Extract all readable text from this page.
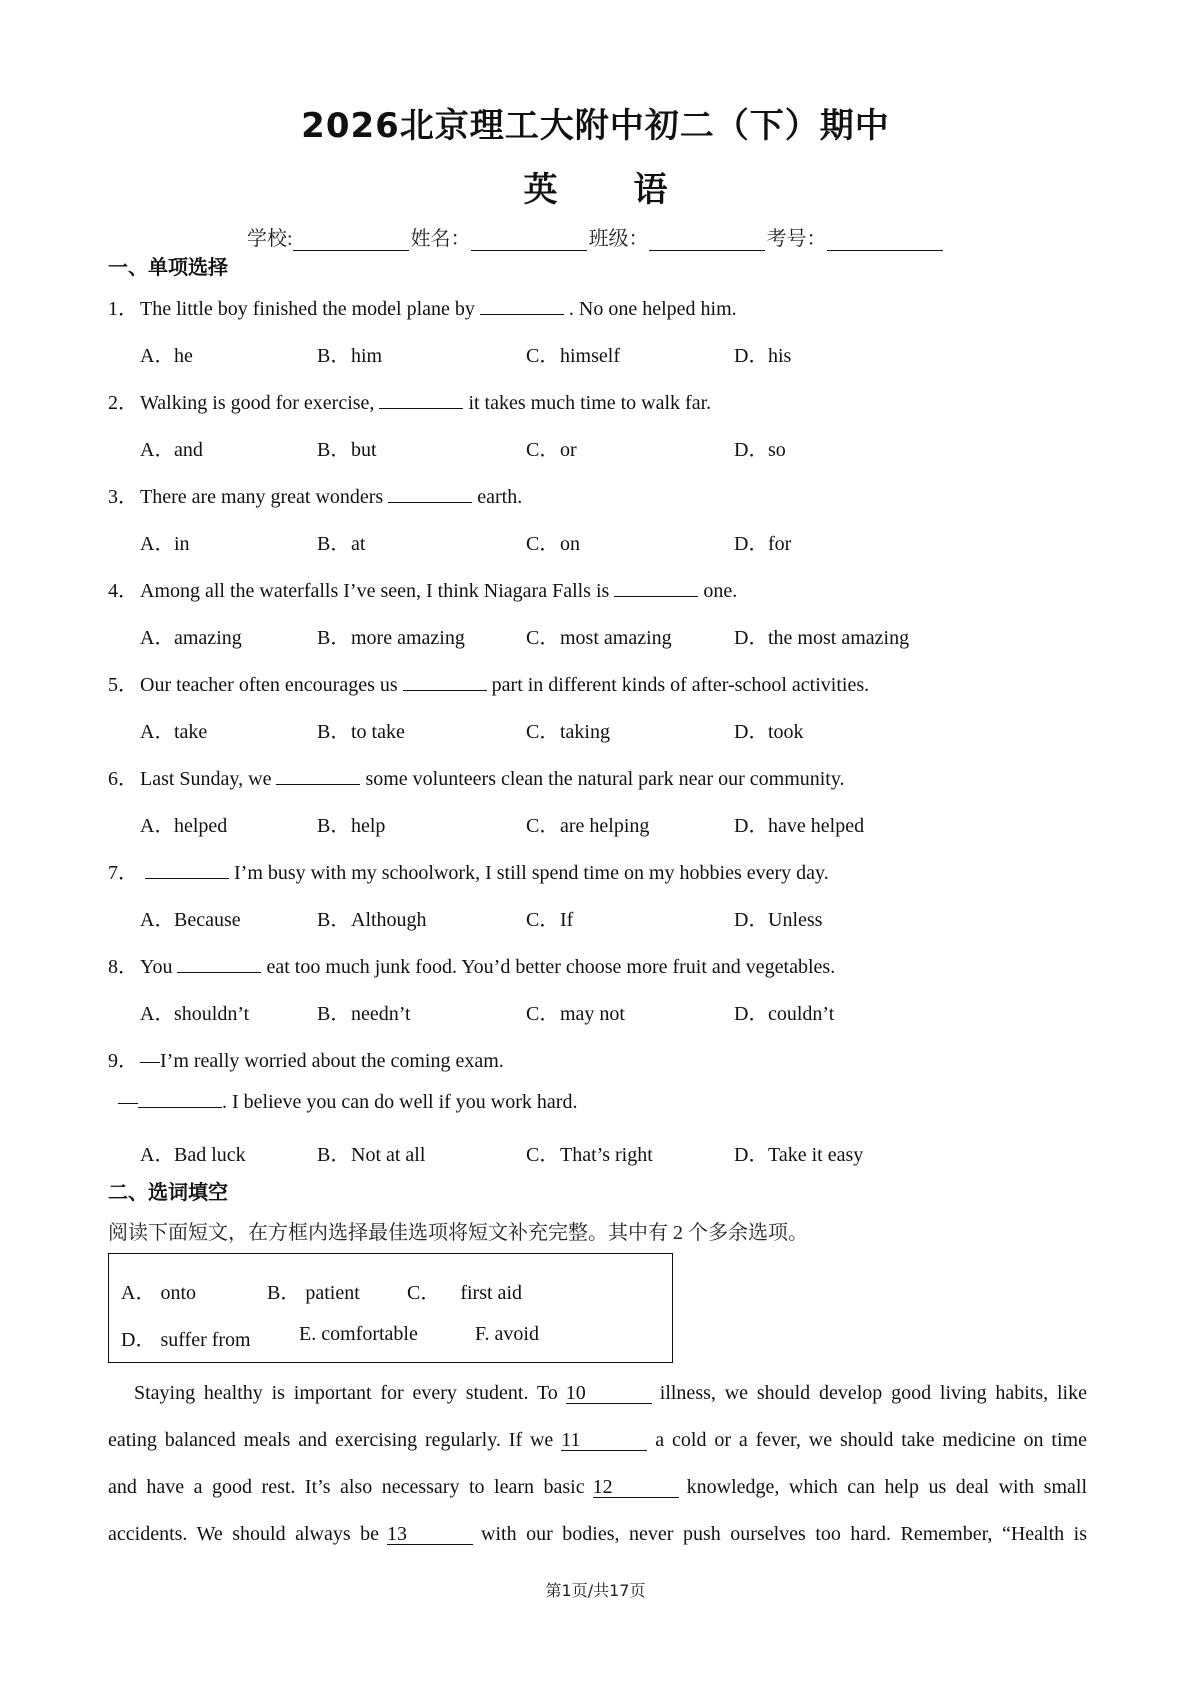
2026北京理工大附中初二（下）期中
英 语
学校:	姓名：	班级：	考号：
一、单项选择
1． The little boy finished the model plane by	. No one helped him.
A．he	B．him	C．himself	D．his
2． Walking is good for exercise,	it takes much time to walk far.
A．and	B．but	C．or	D．so
3． There are many great wonders	earth.
A．in	B．at	C．on	D．for
4． Among all the waterfalls I’ve seen, I think Niagara Falls is	one.
A．amazing	B．more amazing	C．most amazing	D．the most amazing
5． Our teacher often encourages us	part in different kinds of after-school activities.
A．take	B．to take	C．taking	D．took
6． Last Sunday, we	some volunteers clean the natural park near our community.
A．helped	B．help	C．are helping	D．have helped
7．	I’m busy with my schoolwork, I still spend time on my hobbies every day.
A．Because	B．Although	C．If	D．Unless
8． You	eat too much junk food. You’d better choose more fruit and vegetables.
A．shouldn’t	B．needn’t	C．may not	D．couldn’t
9． —I’m really worried about the coming exam.
—	. I believe you can do well if you work hard.
A．Bad luck	B．Not at all	C．That’s right	D．Take it easy
二、选词填空
阅读下面短文，在方框内选择最佳选项将短文补充完整。其中有 2 个多余选项。
A． onto	B． patient C． first aid
D． suffer from E. comfortable	F. avoid
Staying healthy is important for every student. To 10	illness, we should develop good living habits, like
eating balanced meals and exercising regularly. If we 11	a cold or a fever, we should take medicine on time
and have a good rest. It’s also necessary to learn basic 12	knowledge, which can help us deal with small
accidents. We should always be 13	with our bodies, never push ourselves too hard. Remember, “Health is
第1页/共17页
